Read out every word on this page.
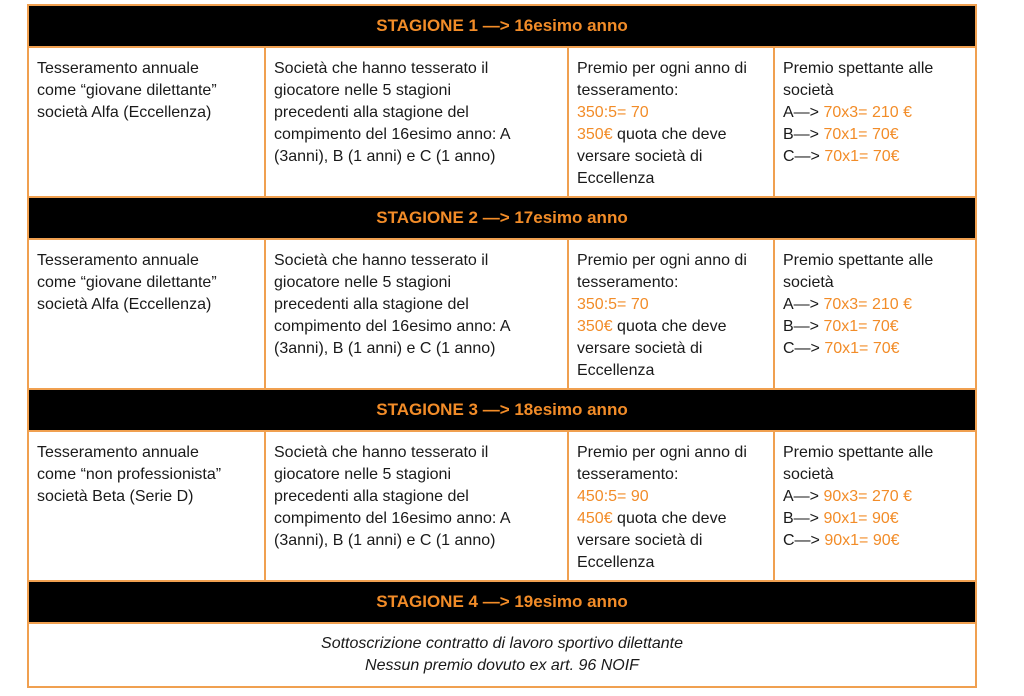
STAGIONE 1 —> 16esimo anno
Tesseramento annuale
come “giovane dilettante”
società Alfa (Eccellenza)
Società che hanno tesserato il
giocatore nelle 5 stagioni
precedenti alla stagione del
compimento del 16esimo anno: A
(3anni), B (1 anni) e C (1 anno)
Premio per ogni anno di
tesseramento:
350:5= 70
350€ quota che deve
versare società di
Eccellenza
Premio spettante alle
società
A—> 70x3= 210 €
B—> 70x1= 70€
C—> 70x1= 70€
STAGIONE 2 —> 17esimo anno
Tesseramento annuale
come “giovane dilettante”
società Alfa (Eccellenza)
Società che hanno tesserato il
giocatore nelle 5 stagioni
precedenti alla stagione del
compimento del 16esimo anno: A
(3anni), B (1 anni) e C (1 anno)
Premio per ogni anno di
tesseramento:
350:5= 70
350€ quota che deve
versare società di
Eccellenza
Premio spettante alle
società
A—> 70x3= 210 €
B—> 70x1= 70€
C—> 70x1= 70€
STAGIONE 3 —> 18esimo anno
Tesseramento annuale
come “non professionista”
società Beta (Serie D)
Società che hanno tesserato il
giocatore nelle 5 stagioni
precedenti alla stagione del
compimento del 16esimo anno: A
(3anni), B (1 anni) e C (1 anno)
Premio per ogni anno di
tesseramento:
450:5= 90
450€ quota che deve
versare società di
Eccellenza
Premio spettante alle
società
A—> 90x3= 270 €
B—> 90x1= 90€
C—> 90x1= 90€
STAGIONE 4 —> 19esimo anno
Sottoscrizione contratto di lavoro sportivo dilettante
Nessun premio dovuto ex art. 96 NOIF
